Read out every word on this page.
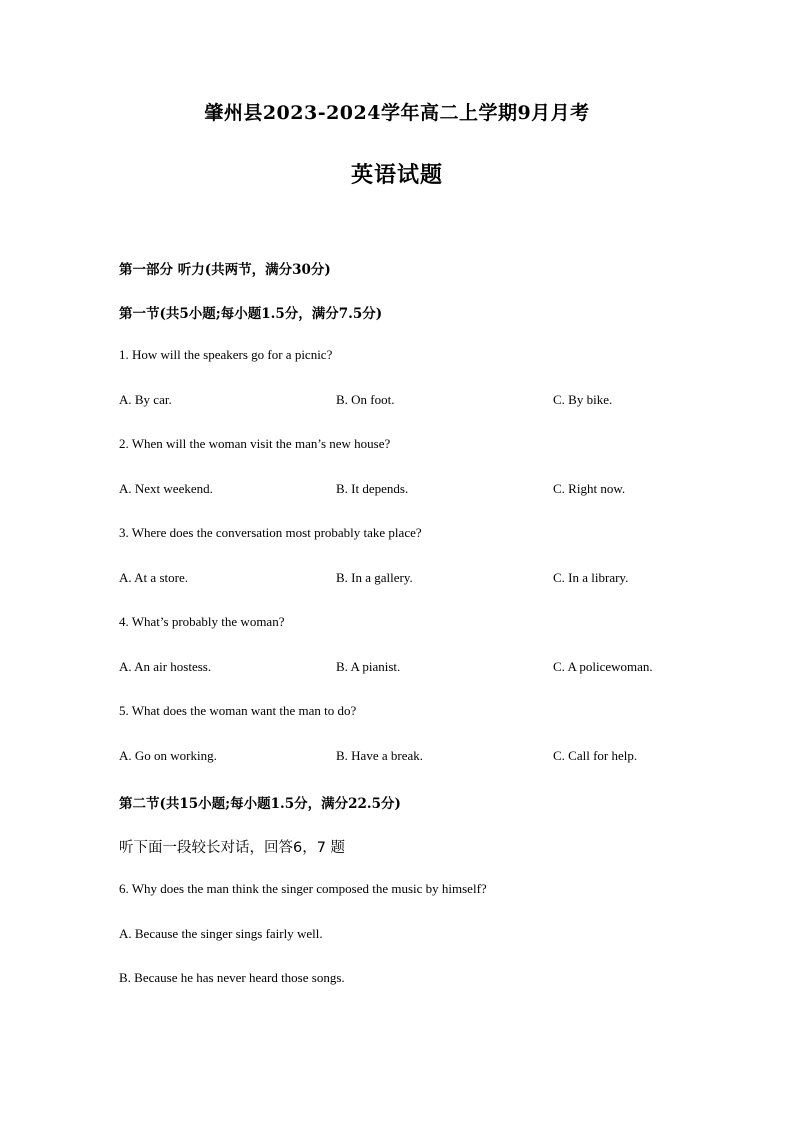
肇州县2023-2024学年高二上学期9月月考
英语试题
第一部分 听力(共两节，满分30分)
第一节(共5小题;每小题1.5分，满分7.5分)
1. How will the speakers go for a picnic?
A. By car.	B. On foot.	C. By bike.
2. When will the woman visit the man’s new house?
A. Next weekend.	B. It depends.	C. Right now.
3. Where does the conversation most probably take place?
A. At a store.	B. In a gallery.	C. In a library.
4. What’s probably the woman?
A. An air hostess.	B. A pianist.	C. A policewoman.
5. What does the woman want the man to do?
A. Go on working.	B. Have a break.	C. Call for help.
第二节(共15小题;每小题1.5分，满分22.5分)
听下面一段较长对话，回答6，7 题
6. Why does the man think the singer composed the music by himself?
A. Because the singer sings fairly well.
B. Because he has never heard those songs.
